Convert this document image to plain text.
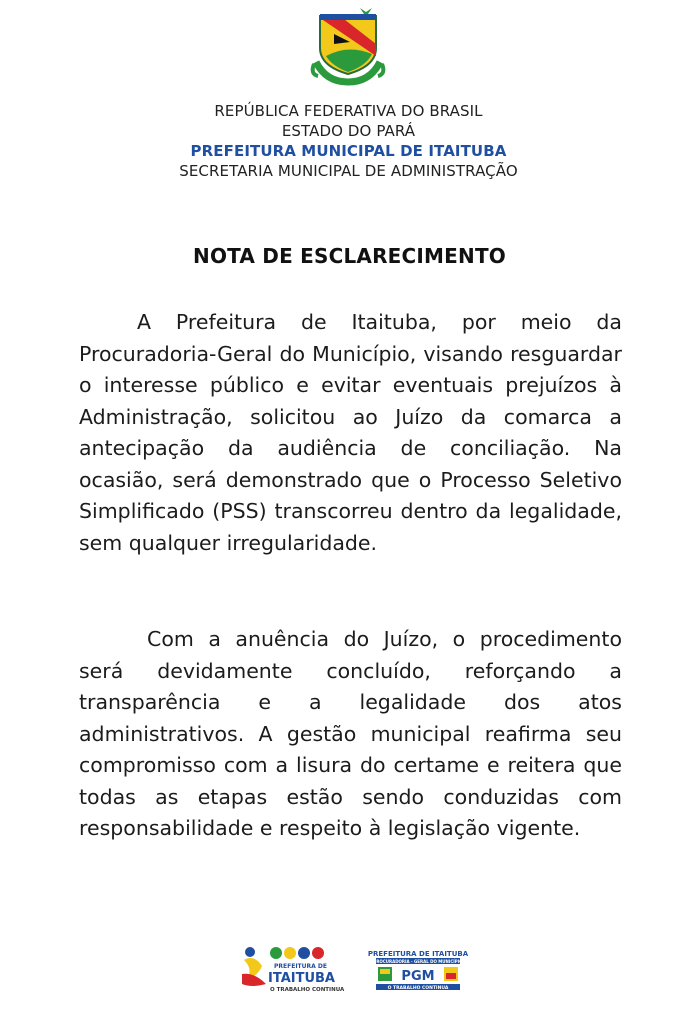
REPÚBLICA FEDERATIVA DO BRASIL
ESTADO DO PARÁ
PREFEITURA MUNICIPAL DE ITAITUBA
SECRETARIA MUNICIPAL DE ADMINISTRAÇÃO
NOTA DE ESCLARECIMENTO

A Prefeitura de Itaituba, por meio da Procuradoria-Geral do Município, visando resguardar o interesse público e evitar eventuais prejuízos à Administração, solicitou ao Juízo da comarca a antecipação da audiência de conciliação. Na ocasião, será demonstrado que o Processo Seletivo Simplificado (PSS) transcorreu dentro da legalidade, sem qualquer irregularidade.

Com a anuência do Juízo, o procedimento será devidamente concluído, reforçando a transparência e a legalidade dos atos administrativos. A gestão municipal reafirma seu compromisso com a lisura do certame e reitera que todas as etapas estão sendo conduzidas com responsabilidade e respeito à legislação vigente.

PREFEITURA DE
ITAITUBA
O TRABALHO CONTINUA
PREFEITURA DE ITAITUBA
PROCURADORIA - GERAL DO MUNICÍPIO
PGM
O TRABALHO CONTINUA
